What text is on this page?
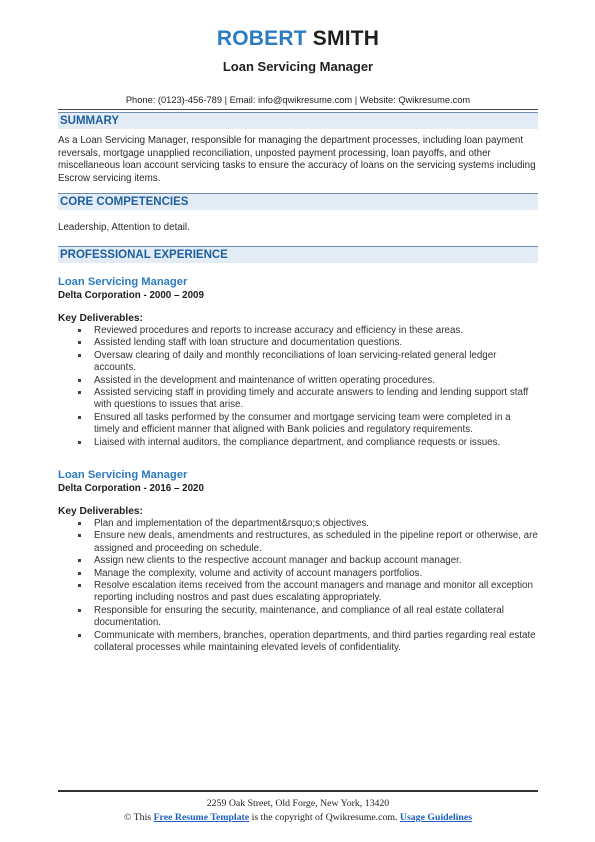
ROBERT SMITH
Loan Servicing Manager
Phone: (0123)-456-789 | Email: info@qwikresume.com | Website: Qwikresume.com
SUMMARY
As a Loan Servicing Manager, responsible for managing the department processes, including loan payment reversals, mortgage unapplied reconciliation, unposted payment processing, loan payoffs, and other miscellaneous loan account servicing tasks to ensure the accuracy of loans on the servicing systems including Escrow servicing items.
CORE COMPETENCIES
Leadership, Attention to detail.
PROFESSIONAL EXPERIENCE
Loan Servicing Manager
Delta Corporation - 2000 – 2009
Key Deliverables:
Reviewed procedures and reports to increase accuracy and efficiency in these areas.
Assisted lending staff with loan structure and documentation questions.
Oversaw clearing of daily and monthly reconciliations of loan servicing-related general ledger accounts.
Assisted in the development and maintenance of written operating procedures.
Assisted servicing staff in providing timely and accurate answers to lending and lending support staff with questions to issues that arise.
Ensured all tasks performed by the consumer and mortgage servicing team were completed in a timely and efficient manner that aligned with Bank policies and regulatory requirements.
Liaised with internal auditors, the compliance department, and compliance requests or issues.
Loan Servicing Manager
Delta Corporation - 2016 – 2020
Key Deliverables:
Plan and implementation of the department&rsquo;s objectives.
Ensure new deals, amendments and restructures, as scheduled in the pipeline report or otherwise, are assigned and proceeding on schedule.
Assign new clients to the respective account manager and backup account manager.
Manage the complexity, volume and activity of account managers portfolios.
Resolve escalation items received from the account managers and manage and monitor all exception reporting including nostros and past dues escalating appropriately.
Responsible for ensuring the security, maintenance, and compliance of all real estate collateral documentation.
Communicate with members, branches, operation departments, and third parties regarding real estate collateral processes while maintaining elevated levels of confidentiality.
2259 Oak Street, Old Forge, New York, 13420
© This Free Resume Template is the copyright of Qwikresume.com. Usage Guidelines
